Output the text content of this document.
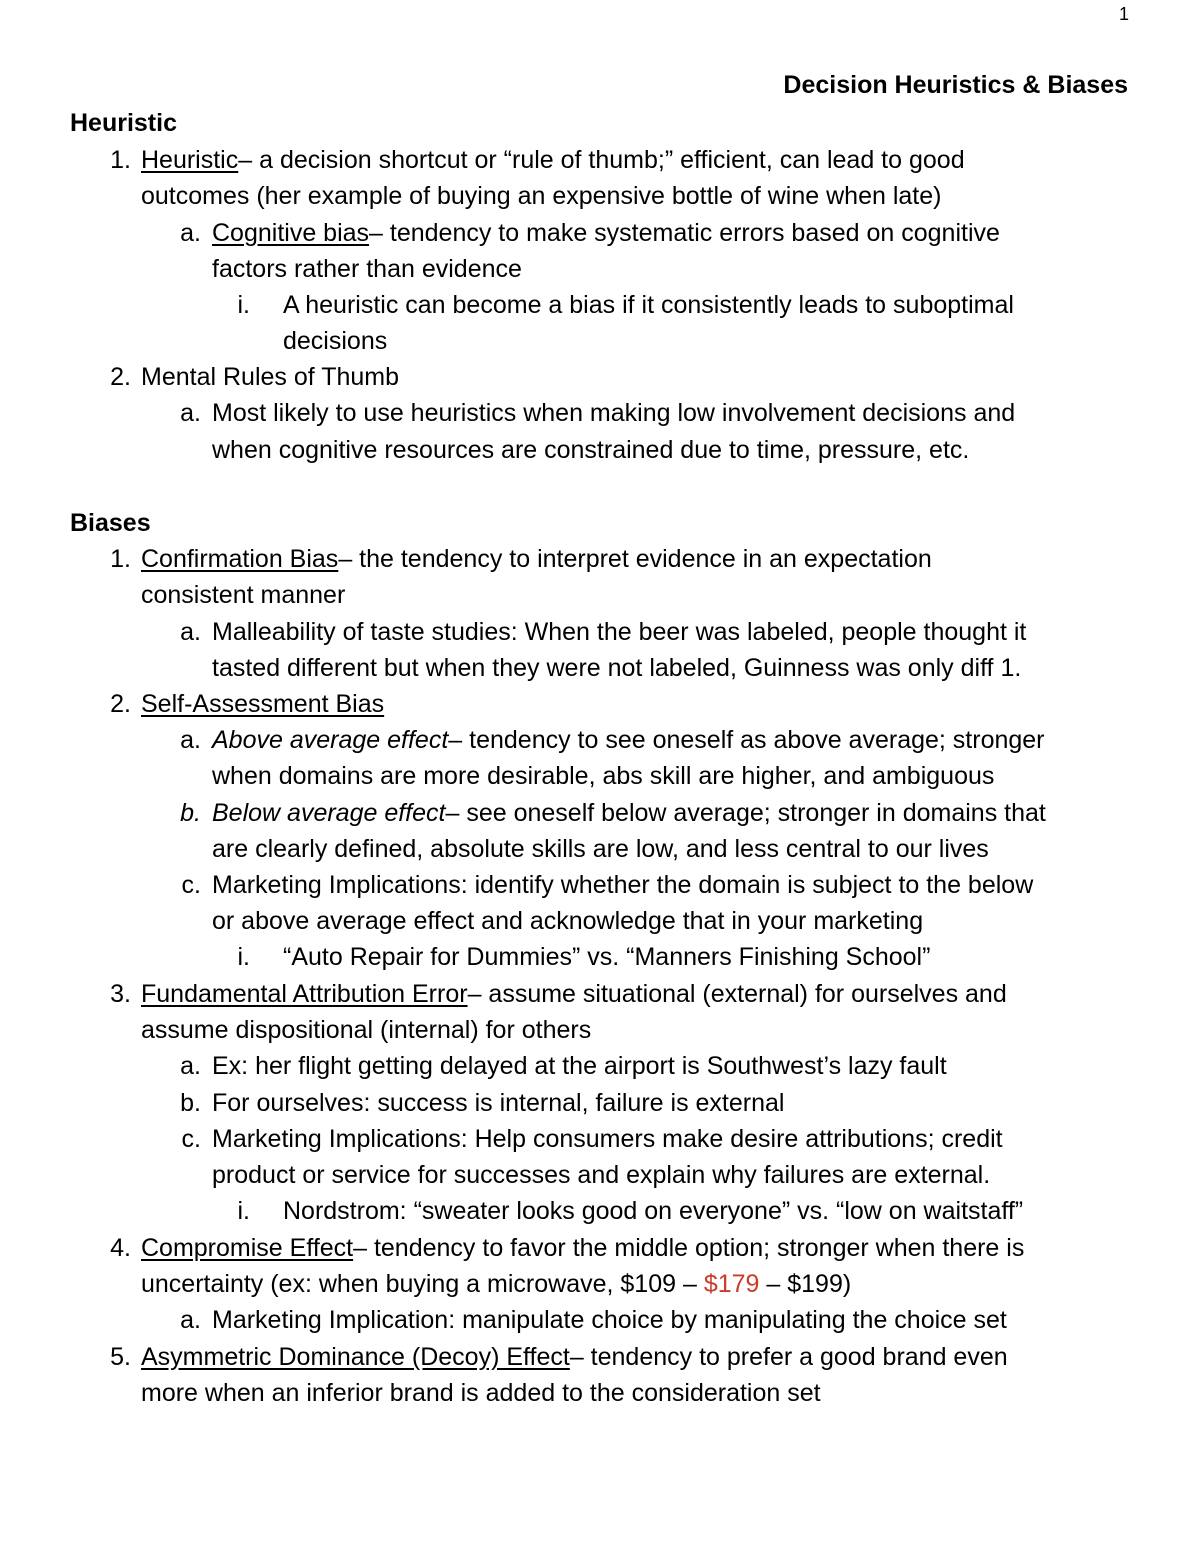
1
Decision Heuristics & Biases
Heuristic
1. Heuristic– a decision shortcut or “rule of thumb;” efficient, can lead to good
outcomes (her example of buying an expensive bottle of wine when late)
a. Cognitive bias– tendency to make systematic errors based on cognitive
factors rather than evidence
i. A heuristic can become a bias if it consistently leads to suboptimal
decisions
2. Mental Rules of Thumb
a. Most likely to use heuristics when making low involvement decisions and
when cognitive resources are constrained due to time, pressure, etc.
Biases
1. Confirmation Bias– the tendency to interpret evidence in an expectation
consistent manner
a. Malleability of taste studies: When the beer was labeled, people thought it
tasted different but when they were not labeled, Guinness was only diff 1.
2. Self-Assessment Bias
a. Above average effect– tendency to see oneself as above average; stronger
when domains are more desirable, abs skill are higher, and ambiguous
b. Below average effect– see oneself below average; stronger in domains that
are clearly defined, absolute skills are low, and less central to our lives
c. Marketing Implications: identify whether the domain is subject to the below
or above average effect and acknowledge that in your marketing
i. “Auto Repair for Dummies” vs. “Manners Finishing School”
3. Fundamental Attribution Error– assume situational (external) for ourselves and
assume dispositional (internal) for others
a. Ex: her flight getting delayed at the airport is Southwest’s lazy fault
b. For ourselves: success is internal, failure is external
c. Marketing Implications: Help consumers make desire attributions; credit
product or service for successes and explain why failures are external.
i. Nordstrom: “sweater looks good on everyone” vs. “low on waitstaff”
4. Compromise Effect– tendency to favor the middle option; stronger when there is
uncertainty (ex: when buying a microwave, $109 – $179 – $199)
a. Marketing Implication: manipulate choice by manipulating the choice set
5. Asymmetric Dominance (Decoy) Effect– tendency to prefer a good brand even
more when an inferior brand is added to the consideration set
